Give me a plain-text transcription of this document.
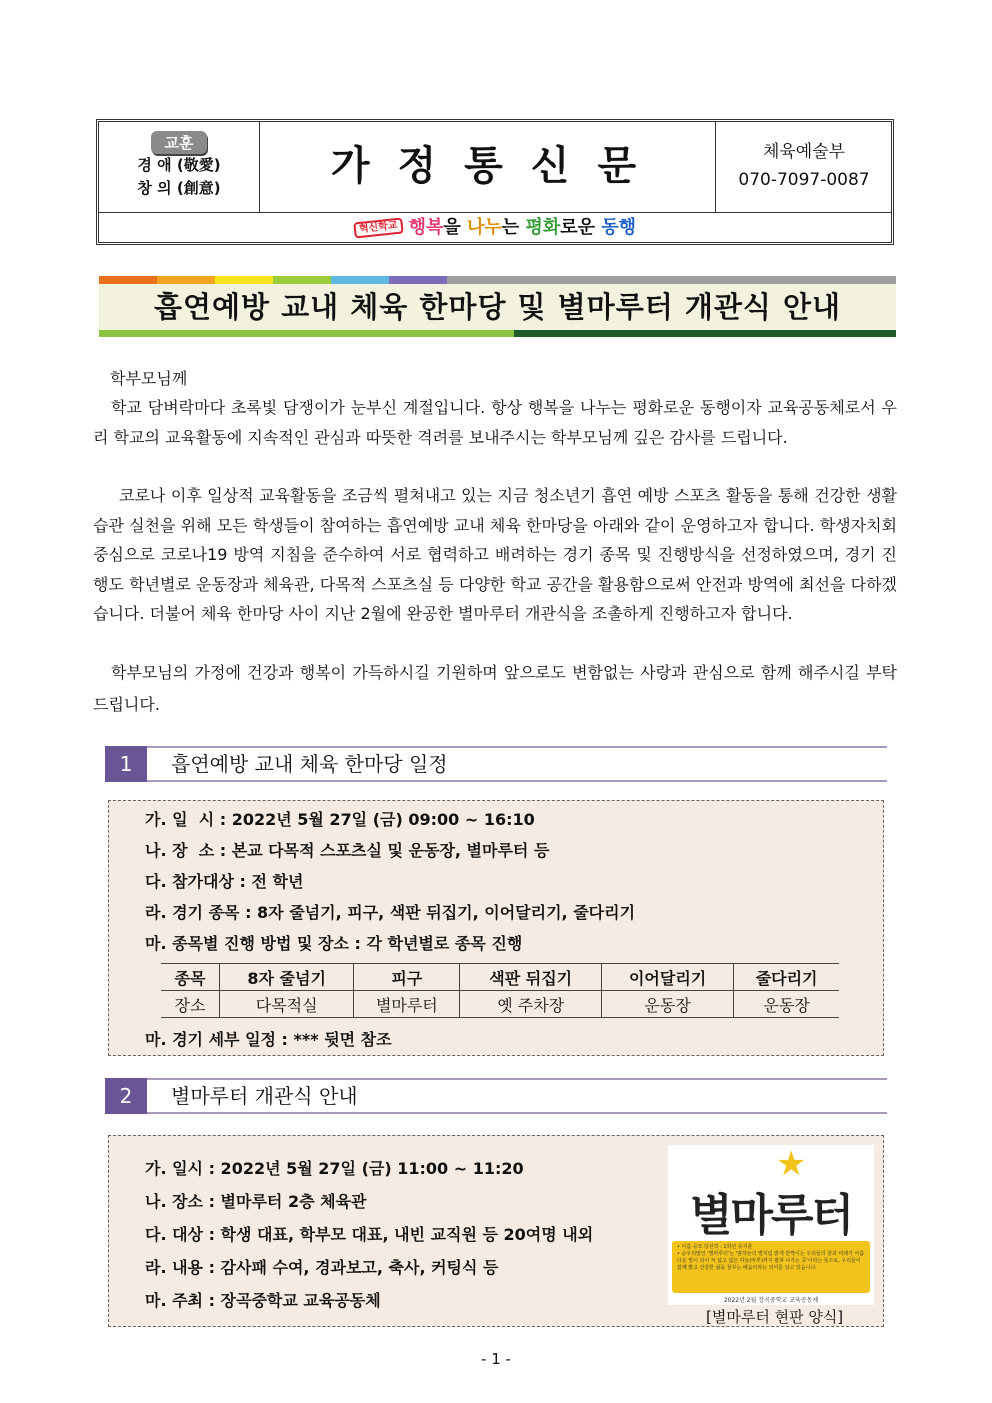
교훈
경 애 (敬愛)
창 의 (創意)	가정통신문	체육예술부
070-7097-0087
혁신학교 행복을 나누는 평화로운 동행
흡연예방 교내 체육 한마당 및 별마루터 개관식 안내
학부모님께
학교 담벼락마다 초록빛 담쟁이가 눈부신 계절입니다. 항상 행복을 나누는 평화로운 동행이자 교육공동체로서 우리 학교의 교육활동에 지속적인 관심과 따뜻한 격려를 보내주시는 학부모님께 깊은 감사를 드립니다.
코로나 이후 일상적 교육활동을 조금씩 펼쳐내고 있는 지금 청소년기 흡연 예방 스포츠 활동을 통해 건강한 생활 습관 실천을 위해 모든 학생들이 참여하는 흡연예방 교내 체육 한마당을 아래와 같이 운영하고자 합니다. 학생자치회 중심으로 코로나19 방역 지침을 준수하여 서로 협력하고 배려하는 경기 종목 및 진행방식을 선정하였으며, 경기 진행도 학년별로 운동장과 체육관, 다목적 스포츠실 등 다양한 학교 공간을 활용함으로써 안전과 방역에 최선을 다하겠습니다. 더불어 체육 한마당 사이 지난 2월에 완공한 별마루터 개관식을 조촐하게 진행하고자 합니다.
학부모님의 가정에 건강과 행복이 가득하시길 기원하며 앞으로도 변함없는 사랑과 관심으로 함께 해주시길 부탁드립니다.
1	흡연예방 교내 체육 한마당 일정
가. 일  시 : 2022년 5월 27일 (금) 09:00 ~ 16:10
나. 장  소 : 본교 다목적 스포츠실 및 운동장, 별마루터 등
다. 참가대상 : 전 학년
라. 경기 종목 : 8자 줄넘기, 피구, 색판 뒤집기, 이어달리기, 줄다리기
마. 종목별 진행 방법 및 장소 : 각 학년별로 종목 진행
종목	8자 줄넘기	피구	색판 뒤집기	이어달리기	줄다리기
장소	다목적실	별마루터	옛 주차장	운동장	운동장
마. 경기 세부 일정 : *** 뒷면 참조
2	별마루터 개관식 안내
가. 일시 : 2022년 5월 27일 (금) 11:00 ~ 11:20
나. 장소 : 별마루터 2층 체육관
다. 대상 : 학생 대표, 학부모 대표, 내빈 교직원 등 20여명 내외
라. 내용 : 감사패 수여, 경과보고, 축사, 커팅식 등
마. 주최 : 장곡중학교 교육공동체
★
별마루터
• 이름 공모 당선작 : 1학년 유지훈
• 순우리말인 '별마루터'는 '밤하늘의 별처럼 밝게 반짝이는 우리들의 꿈과 미래가 아름다운 빛이 되어 저 넓고 넓은 하늘(마루)까지 펼쳐 나가는 곳'이라는 뜻으로, 우리들이 함께 밝고 건강한 삶을 꿈꾸는 배움터라는 의미를 담고 있습니다.
2022년 2월 장곡중학교 교육공동체
[별마루터 현판 양식]
- 1 -
